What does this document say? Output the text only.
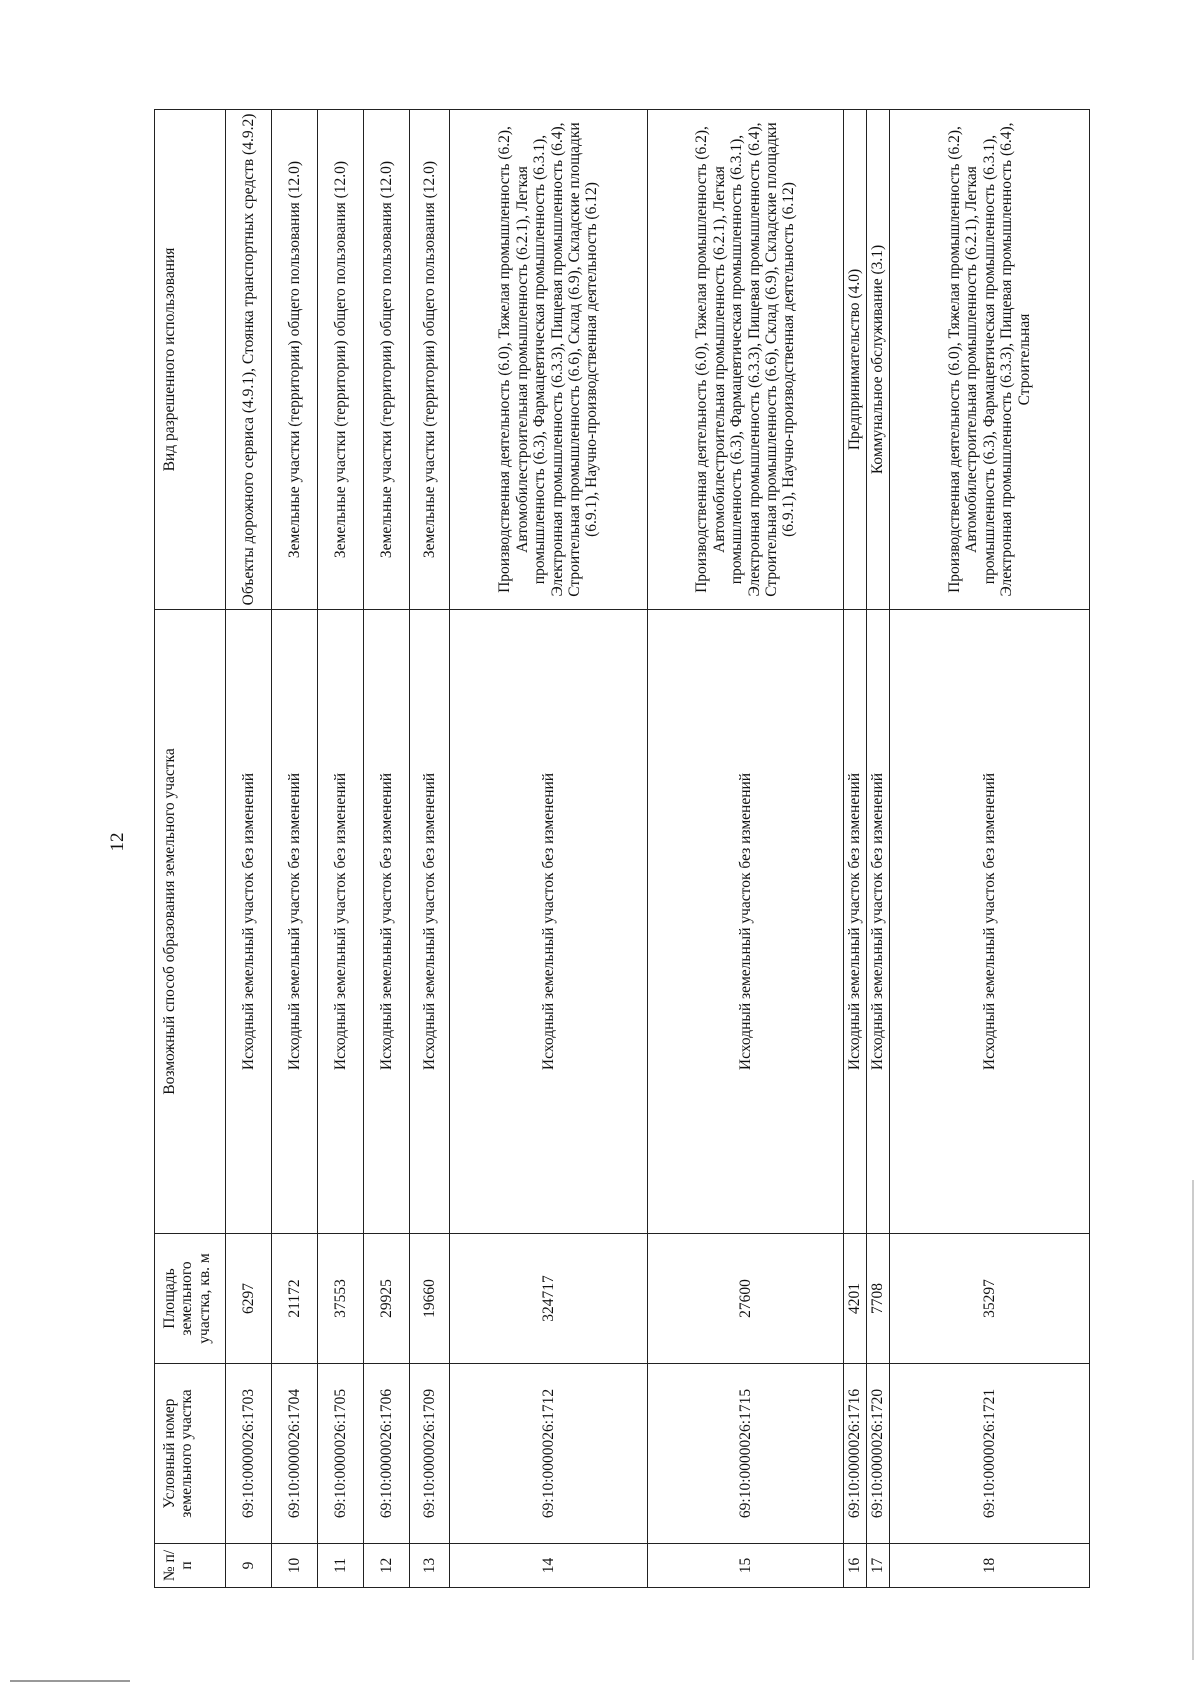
12
№ п/п	Условный номер земельного участка	Площадь земельного участка, кв. м	Возможный способ образования земельного участка	Вид разрешенного использования
9	69:10:0000026:1703	6297	Исходный земельный участок без изменений	Объекты дорожного сервиса (4.9.1), Стоянка транспортных средств (4.9.2)
10	69:10:0000026:1704	21172	Исходный земельный участок без изменений	Земельные участки (территории) общего пользования (12.0)
11	69:10:0000026:1705	37553	Исходный земельный участок без изменений	Земельные участки (территории) общего пользования (12.0)
12	69:10:0000026:1706	29925	Исходный земельный участок без изменений	Земельные участки (территории) общего пользования (12.0)
13	69:10:0000026:1709	19660	Исходный земельный участок без изменений	Земельные участки (территории) общего пользования (12.0)
14	69:10:0000026:1712	324717	Исходный земельный участок без изменений	Производственная деятельность (6.0), Тяжелая промышленность (6.2), Автомобилестроительная промышленность (6.2.1), Легкая промышленность (6.3), Фармацевтическая промышленность (6.3.1), Электронная промышленность (6.3.3), Пищевая промышленность (6.4), Строительная промышленность (6.6), Склад (6.9), Складские площадки (6.9.1), Научно-производственная деятельность (6.12)
15	69:10:0000026:1715	27600	Исходный земельный участок без изменений	Производственная деятельность (6.0), Тяжелая промышленность (6.2), Автомобилестроительная промышленность (6.2.1), Легкая промышленность (6.3), Фармацевтическая промышленность (6.3.1), Электронная промышленность (6.3.3), Пищевая промышленность (6.4), Строительная промышленность (6.6), Склад (6.9), Складские площадки (6.9.1), Научно-производственная деятельность (6.12)
16	69:10:0000026:1716	4201	Исходный земельный участок без изменений	Предпринимательство (4.0)
17	69:10:0000026:1720	7708	Исходный земельный участок без изменений	Коммунальное обслуживание (3.1)
18	69:10:0000026:1721	35297	Исходный земельный участок без изменений	Производственная деятельность (6.0), Тяжелая промышленность (6.2), Автомобилестроительная промышленность (6.2.1), Легкая промышленность (6.3), Фармацевтическая промышленность (6.3.1), Электронная промышленность (6.3.3), Пищевая промышленность (6.4), Строительная
